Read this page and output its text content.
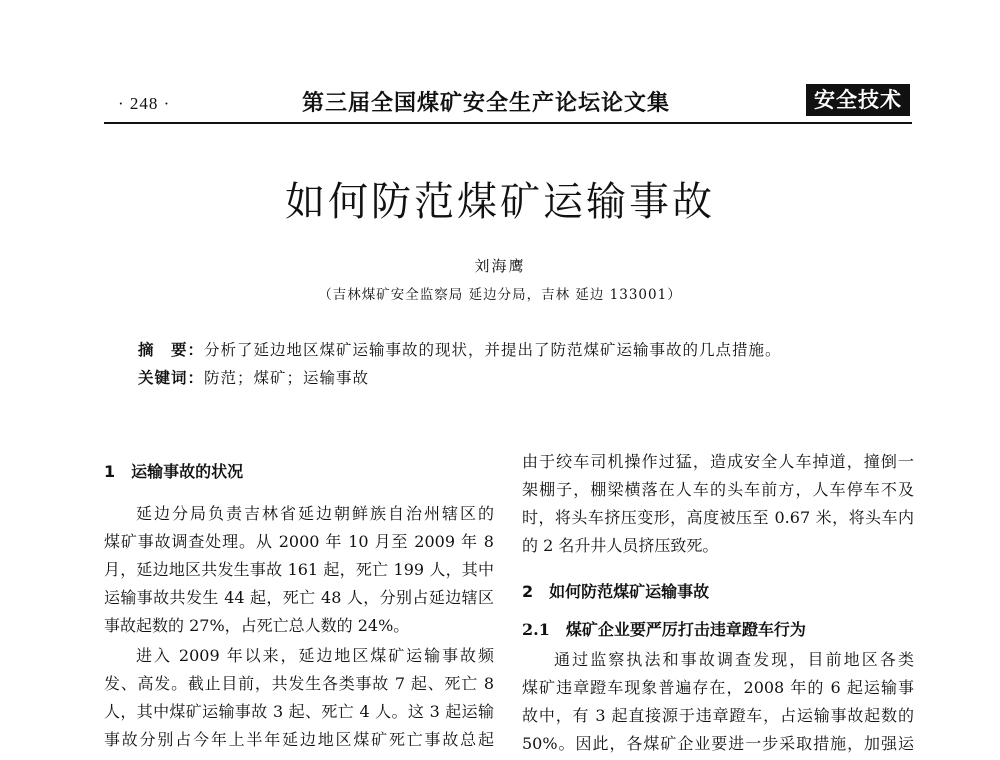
· 248 ·	第三届全国煤矿安全生产论坛论文集	安全技术
如何防范煤矿运输事故
刘海鹰
（吉林煤矿安全监察局 延边分局，吉林 延边 133001）
摘　要：分析了延边地区煤矿运输事故的现状，并提出了防范煤矿运输事故的几点措施。
关键词：防范；煤矿；运输事故

1　运输事故的状况

延边分局负责吉林省延边朝鲜族自治州辖区的
煤矿事故调查处理。从 2000 年 10 月至 2009 年 8
月，延边地区共发生事故 161 起，死亡 199 人，其中
运输事故共发生 44 起，死亡 48 人，分别占延边辖区
事故起数的 27%，占死亡总人数的 24%。
进入 2009 年以来，延边地区煤矿运输事故频
发、高发。截止目前，共发生各类事故 7 起、死亡 8
人，其中煤矿运输事故 3 起、死亡 4 人。这 3 起运输
事故分别占今年上半年延边地区煤矿死亡事故总起
由于绞车司机操作过猛，造成安全人车掉道，撞倒一
架棚子，棚梁横落在人车的头车前方，人车停车不及
时，将头车挤压变形，高度被压至 0.67 米，将头车内
的 2 名升井人员挤压致死。

2　如何防范煤矿运输事故

2.1　煤矿企业要严厉打击违章蹬车行为

通过监察执法和事故调查发现，目前地区各类
煤矿违章蹬车现象普遍存在，2008 年的 6 起运输事
故中，有 3 起直接源于违章蹬车，占运输事故起数的
50%。因此，各煤矿企业要进一步采取措施，加强运
